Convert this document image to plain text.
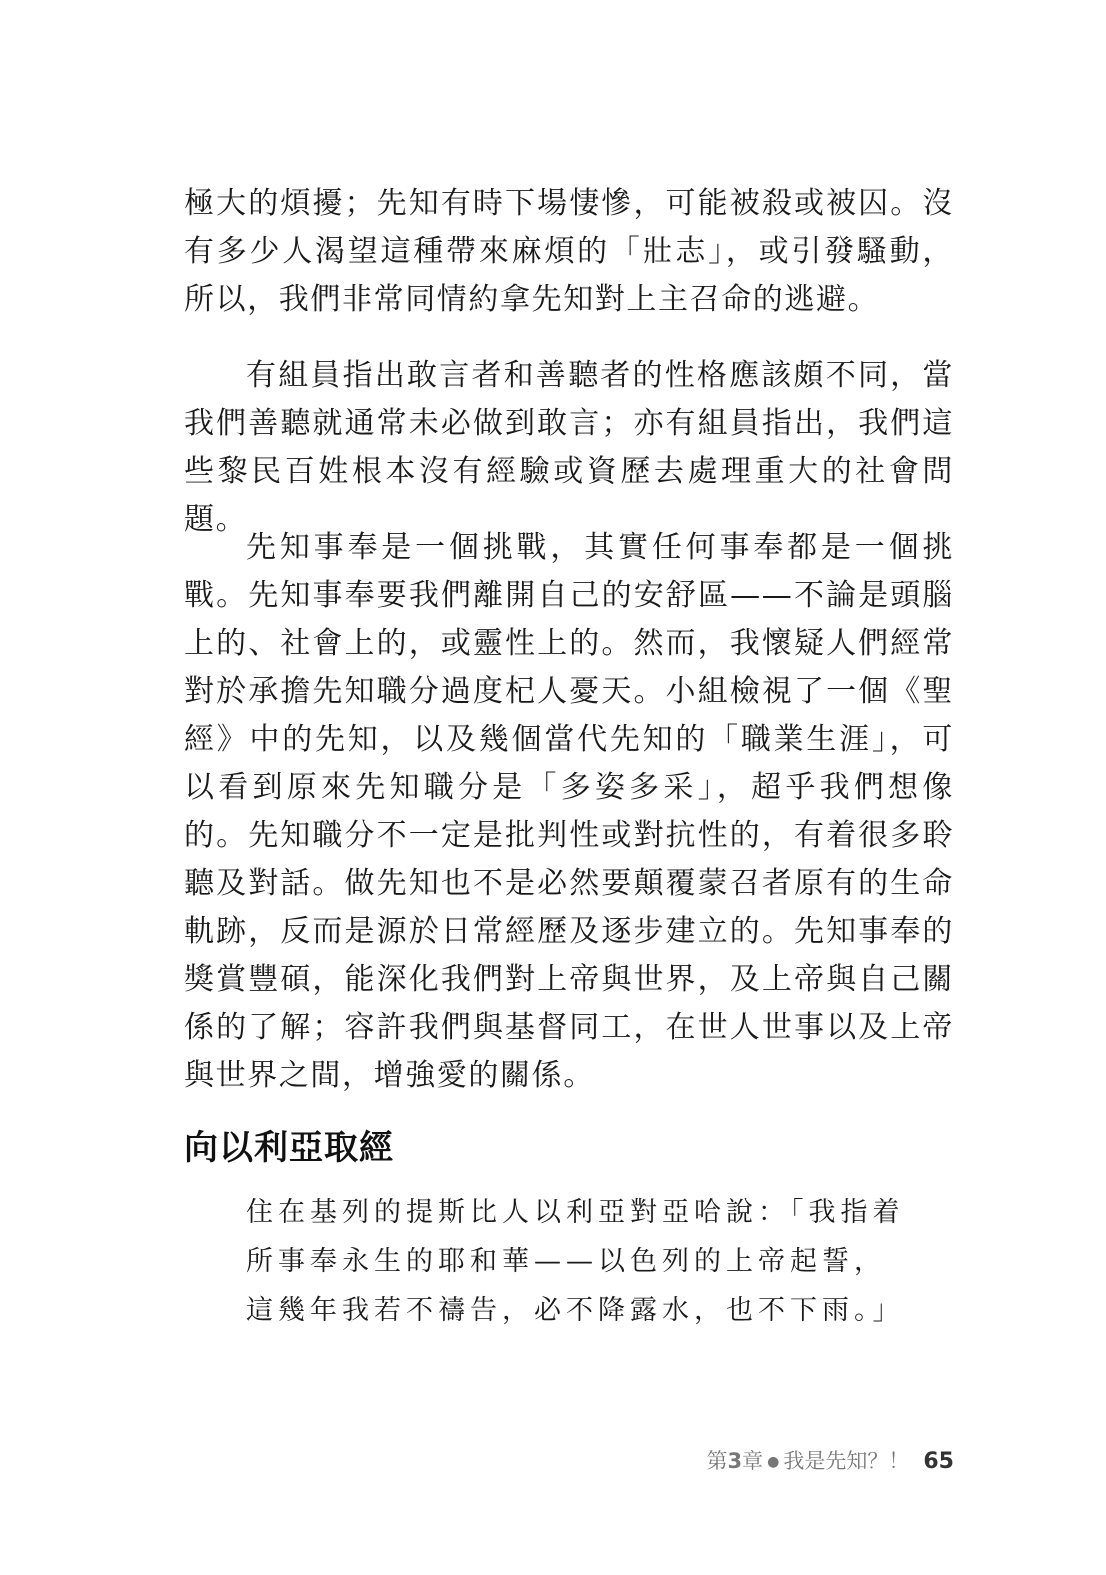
極大的煩擾；先知有時下場悽慘，可能被殺或被囚。沒有多少人渴望這種帶來麻煩的「壯志」，或引發騷動，所以，我們非常同情約拿先知對上主召命的逃避。

有組員指出敢言者和善聽者的性格應該頗不同，當我們善聽就通常未必做到敢言；亦有組員指出，我們這些黎民百姓根本沒有經驗或資歷去處理重大的社會問題。

先知事奉是一個挑戰，其實任何事奉都是一個挑戰。先知事奉要我們離開自己的安舒區——不論是頭腦上的、社會上的，或靈性上的。然而，我懷疑人們經常對於承擔先知職分過度杞人憂天。小組檢視了一個《聖經》中的先知，以及幾個當代先知的「職業生涯」，可以看到原來先知職分是「多姿多采」，超乎我們想像的。先知職分不一定是批判性或對抗性的，有着很多聆聽及對話。做先知也不是必然要顛覆蒙召者原有的生命軌跡，反而是源於日常經歷及逐步建立的。先知事奉的獎賞豐碩，能深化我們對上帝與世界，及上帝與自己關係的了解；容許我們與基督同工，在世人世事以及上帝與世界之間，增強愛的關係。

向以利亞取經
住在基列的提斯比人以利亞對亞哈說：「我指着
所事奉永生的耶和華——以色列的上帝起誓，
這幾年我若不禱告，必不降露水，也不下雨。」
第3章 ● 我是先知？！ 65
